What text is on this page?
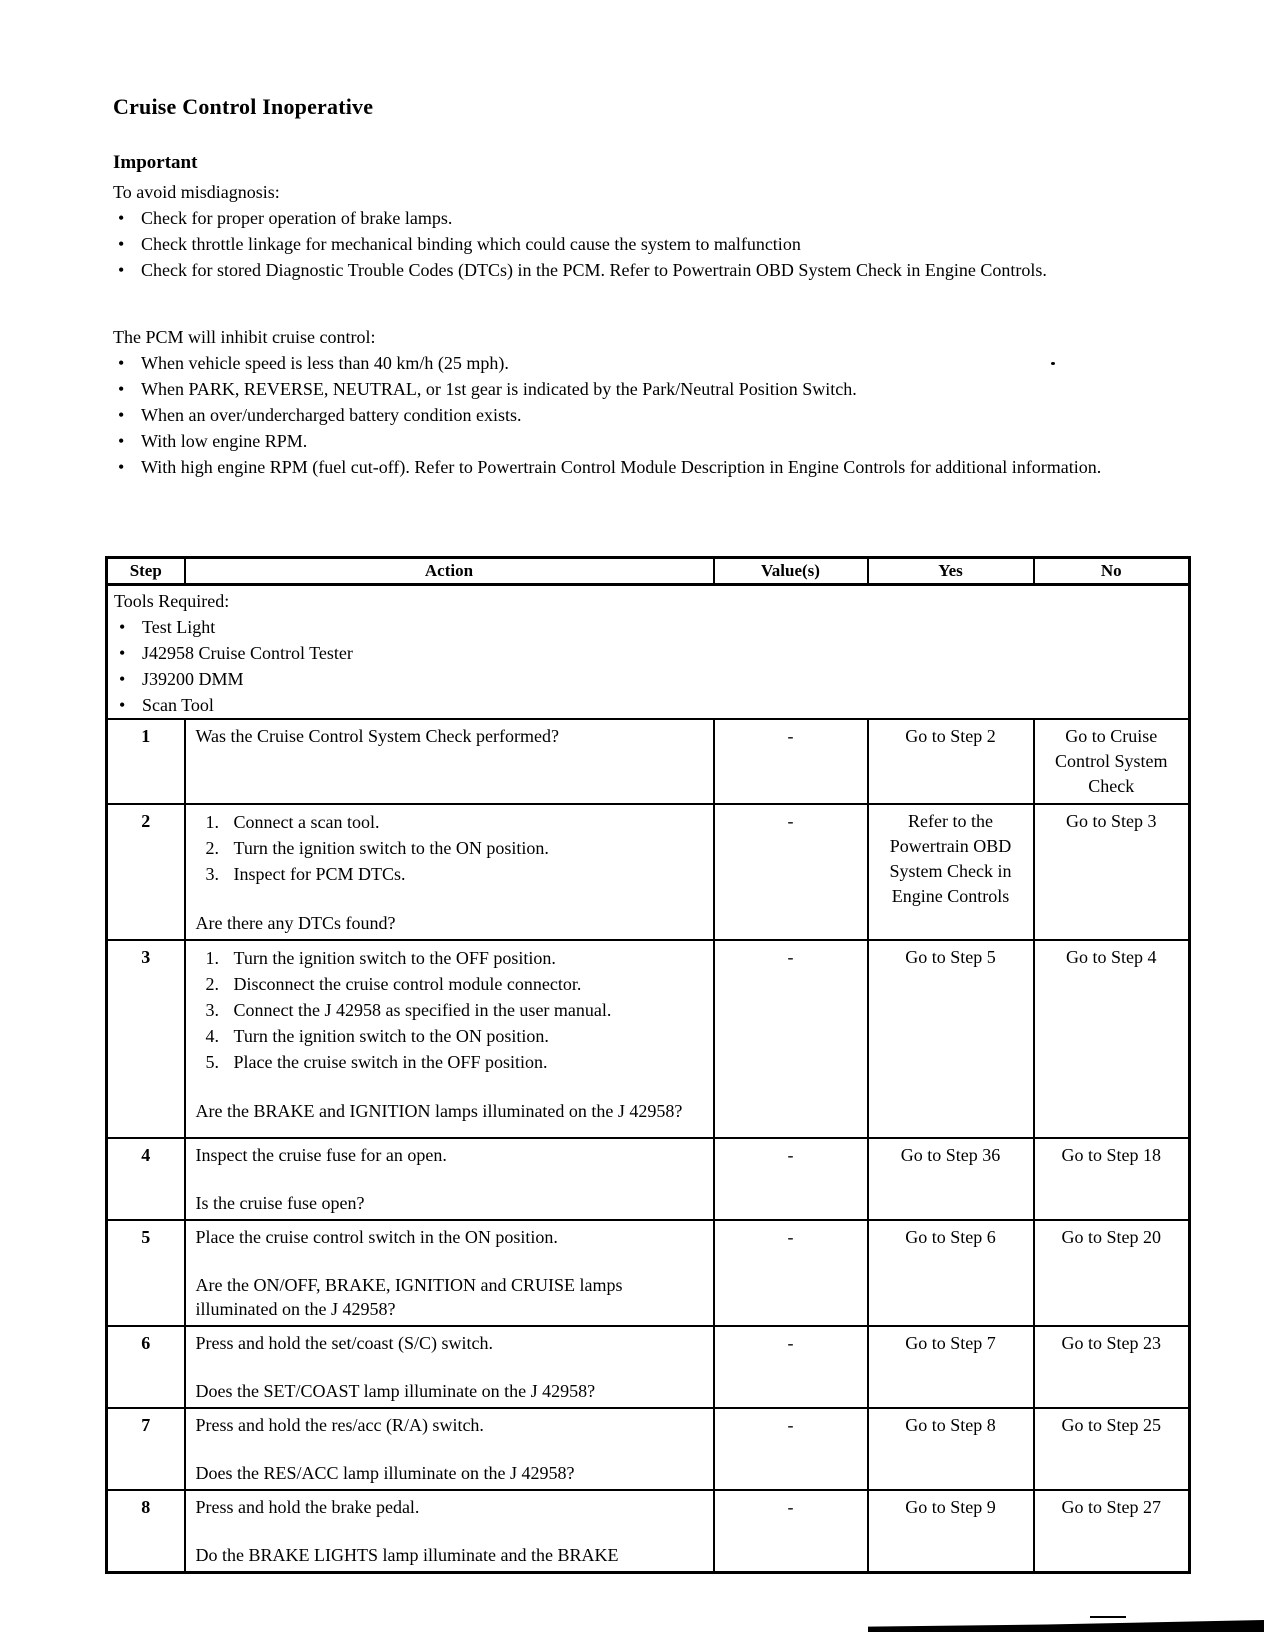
Cruise Control Inoperative
Important

To avoid misdiagnosis:

• Check for proper operation of brake lamps.
• Check throttle linkage for mechanical binding which could cause the system to malfunction
• Check for stored Diagnostic Trouble Codes (DTCs) in the PCM. Refer to Powertrain OBD System Check in Engine Controls.

The PCM will inhibit cruise control:

• When vehicle speed is less than 40 km/h (25 mph).
• When PARK, REVERSE, NEUTRAL, or 1st gear is indicated by the Park/Neutral Position Switch.
• When an over/undercharged battery condition exists.
• With low engine RPM.
• With high engine RPM (fuel cut-off). Refer to Powertrain Control Module Description in Engine Controls for additional information.
Step	Action	Value(s)	Yes	No

Tools Required:

• Test Light
• J42958 Cruise Control Tester
• J39200 DMM
• Scan Tool

1	Was the Cruise Control System Check performed?	-	Go to Step 2	Go to Cruise Control System Check
2	Connect a scan tool.
Turn the ignition switch to the ON position.
Inspect for PCM DTCs.

Are there any DTCs found?

	-	Refer to the Powertrain OBD System Check in Engine Controls	Go to Step 3
3	Turn the ignition switch to the OFF position.
Disconnect the cruise control module connector.
Connect the J 42958 as specified in the user manual.
Turn the ignition switch to the ON position.
Place the cruise switch in the OFF position.

Are the BRAKE and IGNITION lamps illuminated on the J 42958?

	-	Go to Step 5	Go to Step 4
4	Inspect the cruise fuse for an open.

Is the cruise fuse open?	-	Go to Step 36	Go to Step 18
5	Place the cruise control switch in the ON position.

Are the ON/OFF, BRAKE, IGNITION and CRUISE lamps illuminated on the J 42958?	-	Go to Step 6	Go to Step 20
6	Press and hold the set/coast (S/C) switch.

Does the SET/COAST lamp illuminate on the J 42958?	-	Go to Step 7	Go to Step 23
7	Press and hold the res/acc (R/A) switch.

Does the RES/ACC lamp illuminate on the J 42958?	-	Go to Step 8	Go to Step 25
8	Press and hold the brake pedal.

Do the BRAKE LIGHTS lamp illuminate and the BRAKE	-	Go to Step 9	Go to Step 27
